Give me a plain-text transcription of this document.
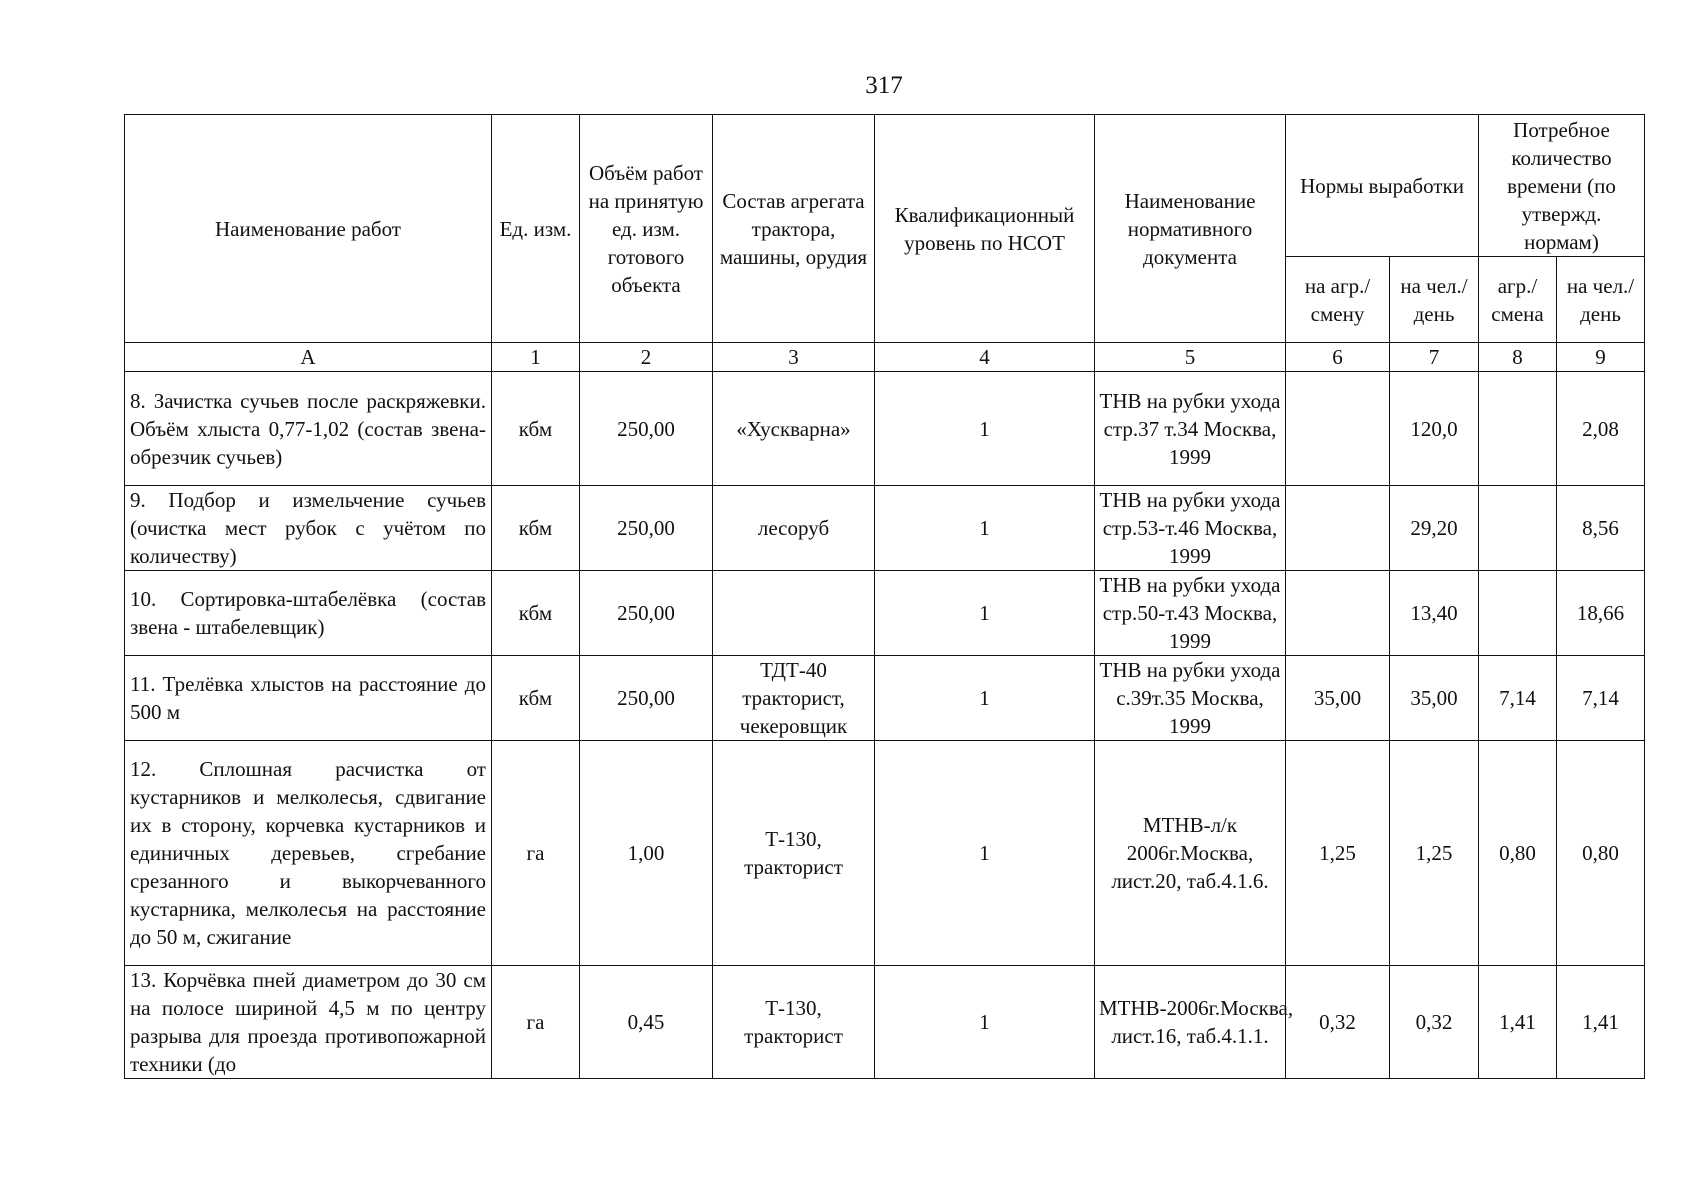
317
Наименование работ	Ед. изм.	Объём работ на принятую ед. изм. готового объекта	Состав агрегата трактора, машины, орудия	Квалификационный уровень по НСОТ	Наименование нормативного документа	Нормы выработки		Потребное количество времени (по утвержд. нормам)	
						на агр./ смену	на чел./ день	агр./ смена	на чел./ день
А	1	2	3	4	5	6	7	8	9
8. Зачистка сучьев после раскряжевки. Объём хлыста 0,77-1,02 (состав звена-обрезчик сучьев)	кбм	250,00	«Хускварна»	1	ТНВ на рубки ухода стр.37 т.34 Москва, 1999		120,0		2,08
9. Подбор и измельчение сучьев (очистка мест рубок с учётом по количеству)	кбм	250,00	лесоруб	1	ТНВ на рубки ухода стр.53-т.46 Москва, 1999		29,20		8,56
10. Сортировка-штабелёвка (состав звена - штабелевщик)	кбм	250,00		1	ТНВ на рубки ухода стр.50-т.43 Москва, 1999		13,40		18,66
11. Трелёвка хлыстов на расстояние до 500 м	кбм	250,00	ТДТ-40 тракторист, чекеровщик	1	ТНВ на рубки ухода с.39т.35 Москва, 1999	35,00	35,00	7,14	7,14
12. Сплошная расчистка от кустарников и мелколесья, сдвигание их в сторону, корчевка кустарников и единичных деревьев, сгребание срезанного и выкорчеванного кустарника, мелколесья на расстояние до 50 м, сжигание	га	1,00	Т-130, тракторист	1	МТНВ-л/к 2006г.Москва, лист.20, таб.4.1.6.	1,25	1,25	0,80	0,80
13. Корчёвка пней диаметром до 30 см на полосе шириной 4,5 м по центру разрыва для проезда противопожарной техники (до	га	0,45	Т-130, тракторист	1	МТНВ-2006г.Москва, лист.16, таб.4.1.1.	0,32	0,32	1,41	1,41
